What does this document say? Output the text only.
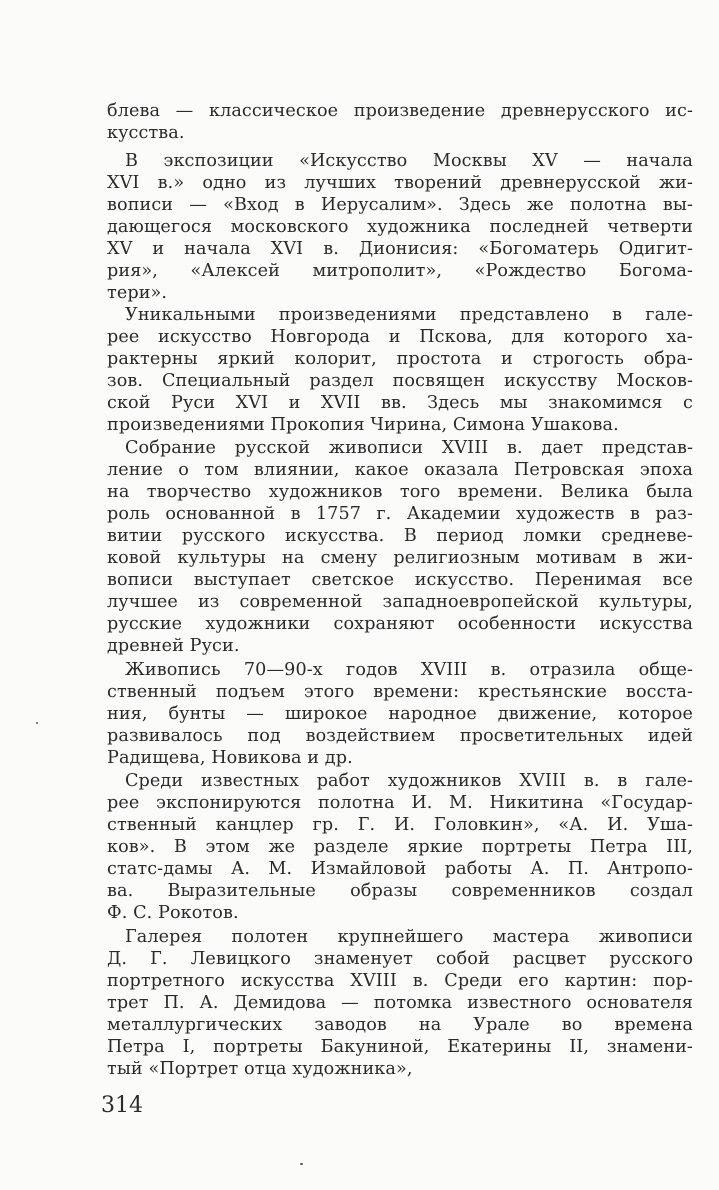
блева — классическое произведение древнерусского ис-
кусства.
В экспозиции «Искусство Москвы XV — начала
XVI в.» одно из лучших творений древнерусской жи-
вописи — «Вход в Иерусалим». Здесь же полотна вы-
дающегося московского художника последней четверти
XV и начала XVI в. Дионисия: «Богоматерь Одигит-
рия», «Алексей митрополит», «Рождество Богома-
тери».
Уникальными произведениями представлено в гале-
рее искусство Новгорода и Пскова, для которого ха-
рактерны яркий колорит, простота и строгость обра-
зов. Специальный раздел посвящен искусству Москов-
ской Руси XVI и XVII вв. Здесь мы знакомимся с
произведениями Прокопия Чирина, Симона Ушакова.
Собрание русской живописи XVIII в. дает представ-
ление о том влиянии, какое оказала Петровская эпоха
на творчество художников того времени. Велика была
роль основанной в 1757 г. Академии художеств в раз-
витии русского искусства. В период ломки средневе-
ковой культуры на смену религиозным мотивам в жи-
вописи выступает светское искусство. Перенимая все
лучшее из современной западноевропейской культуры,
русские художники сохраняют особенности искусства
древней Руси.
Живопись 70—90-х годов XVIII в. отразила обще-
ственный подъем этого времени: крестьянские восста-
ния, бунты — широкое народное движение, которое
развивалось под воздействием просветительных идей
Радищева, Новикова и др.
Среди известных работ художников XVIII в. в гале-
рее экспонируются полотна И. М. Никитина «Государ-
ственный канцлер гр. Г. И. Головкин», «А. И. Уша-
ков». В этом же разделе яркие портреты Петра III,
статс-дамы А. М. Измайловой работы А. П. Антропо-
ва. Выразительные образы современников создал
Ф. С. Рокотов.
Галерея полотен крупнейшего мастера живописи
Д. Г. Левицкого знаменует собой расцвет русского
портретного искусства XVIII в. Среди его картин: пор-
трет П. А. Демидова — потомка известного основателя
металлургических заводов на Урале во времена
Петра I, портреты Бакуниной, Екатерины II, знамени-
тый «Портрет отца художника»,
314
